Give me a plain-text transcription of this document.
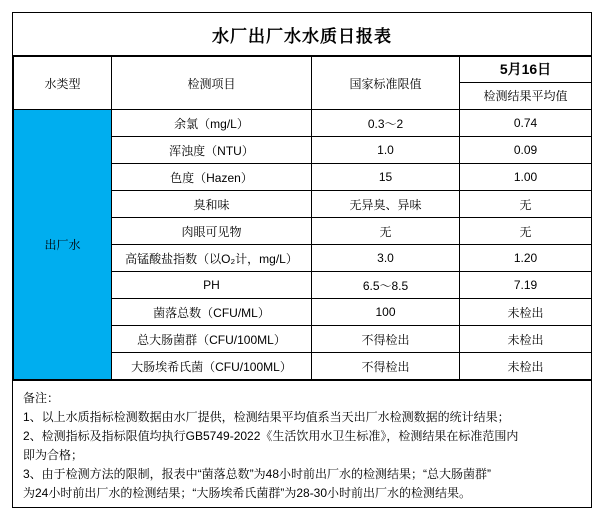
水厂出厂水水质日报表
水类型	检测项目	国家标准限值	5月16日
检测结果平均值

出厂水	余氯（mg/L）	0.3～2	0.74
	浑浊度（NTU）	1.0	0.09
	色度（Hazen）	15	1.00
	臭和味	无异臭、异味	无
	肉眼可见物	无	无
	高锰酸盐指数（以O₂计，mg/L）	3.0	1.20
	PH	6.5～8.5	7.19
	菌落总数（CFU/ML）	100	未检出
	总大肠菌群（CFU/100ML）	不得检出	未检出
	大肠埃希氏菌（CFU/100ML）	不得检出	未检出
备注：
1、以上水质指标检测数据由水厂提供，检测结果平均值系当天出厂水检测数据的统计结果；
2、检测指标及指标限值均执行GB5749-2022《生活饮用水卫生标准》，检测结果在标准范围内
即为合格；
3、由于检测方法的限制，报表中“菌落总数”为48小时前出厂水的检测结果；“总大肠菌群”
为24小时前出厂水的检测结果；“大肠埃希氏菌群”为28-30小时前出厂水的检测结果。
